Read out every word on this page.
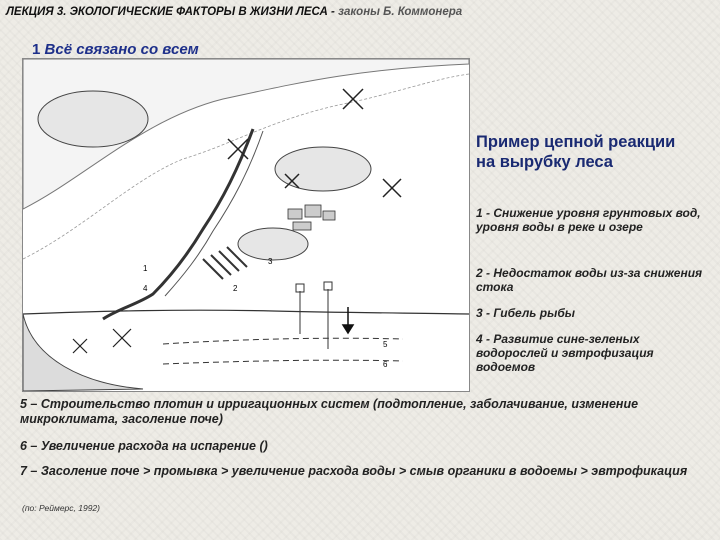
ЛЕКЦИЯ 3. ЭКОЛОГИЧЕСКИЕ ФАКТОРЫ В ЖИЗНИ ЛЕСА - законы Б. Коммонера
1 Всё связано со всем
1
2
3
4
5
6
Пример цепной реакции на вырубку леса
1 - Снижение уровня грунтовых вод, уровня воды в реке и озере
2 - Недостаток воды из-за снижения стока
3 - Гибель рыбы
4 - Развитие сине-зеленых водорослей и эвтрофизация водоемов
5 – Строительство плотин и ирригационных систем (подтопление, заболачивание, изменение микроклимата, засоление поче)
6 – Увеличение расхода на испарение ()
7 – Засоление поче > промывка > увеличение расхода воды > смыв органики в водоемы > эвтрофикация
(по: Реймерс, 1992)
